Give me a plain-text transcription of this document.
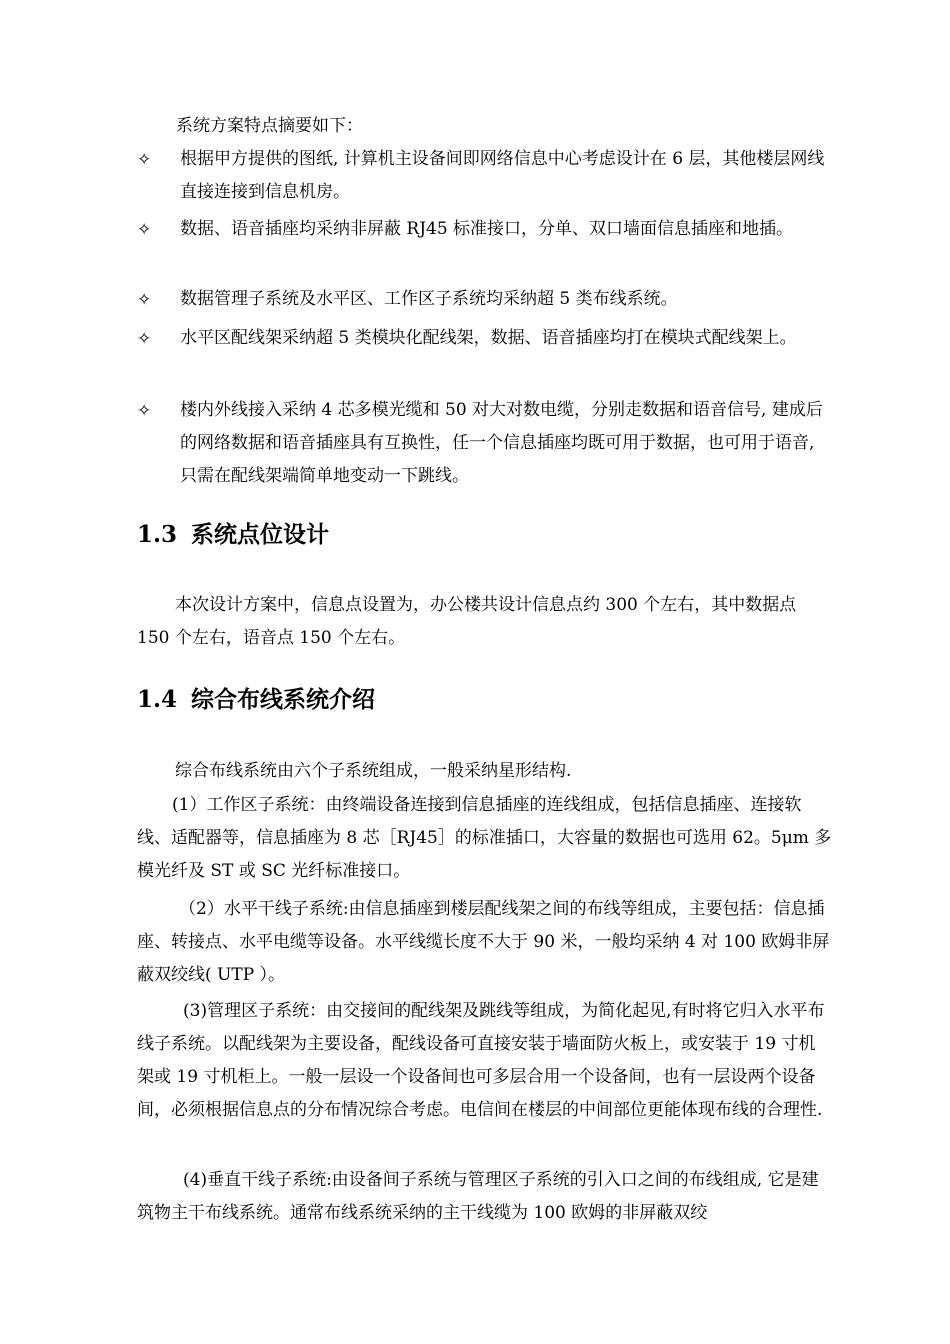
系统方案特点摘要如下：
✧ 根据甲方提供的图纸, 计算机主设备间即网络信息中心考虑设计在 6 层，其他楼层网线直接连接到信息机房。
✧ 数据、语音插座均采纳非屏蔽 RJ45 标准接口，分单、双口墙面信息插座和地插。
✧ 数据管理子系统及水平区、工作区子系统均采纳超 5 类布线系统。
✧ 水平区配线架采纳超 5 类模块化配线架，数据、语音插座均打在模块式配线架上。
✧ 楼内外线接入采纳 4 芯多模光缆和 50 对大对数电缆，分别走数据和语音信号, 建成后的网络数据和语音插座具有互换性，任一个信息插座均既可用于数据，也可用于语音, 只需在配线架端简单地变动一下跳线。
1.3 系统点位设计
本次设计方案中，信息点设置为，办公楼共设计信息点约 300 个左右，其中数据点 150 个左右，语音点 150 个左右。
1.4 综合布线系统介绍
综合布线系统由六个子系统组成，一般采纳星形结构.
(1）工作区子系统：由终端设备连接到信息插座的连线组成，包括信息插座、连接软线、适配器等，信息插座为 8 芯［RJ45］的标准插口，大容量的数据也可选用 62。5μm 多模光纤及 ST 或 SC 光纤标准接口。
（2）水平干线子系统:由信息插座到楼层配线架之间的布线等组成，主要包括：信息插座、转接点、水平电缆等设备。水平线缆长度不大于 90 米，一般均采纳 4 对 100 欧姆非屏蔽双绞线( UTP ）。
(3)管理区子系统：由交接间的配线架及跳线等组成，为简化起见,有时将它归入水平布线子系统。以配线架为主要设备，配线设备可直接安装于墙面防火板上，或安装于 19 寸机架或 19 寸机柜上。一般一层设一个设备间也可多层合用一个设备间，也有一层设两个设备间，必须根据信息点的分布情况综合考虑。电信间在楼层的中间部位更能体现布线的合理性.
(4)垂直干线子系统:由设备间子系统与管理区子系统的引入口之间的布线组成, 它是建筑物主干布线系统。通常布线系统采纳的主干线缆为 100 欧姆的非屏蔽双绞
